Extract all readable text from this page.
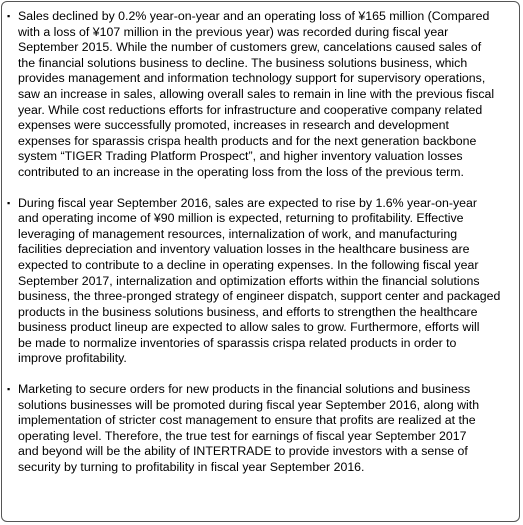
▪ Sales declined by 0.2% year-on-year and an operating loss of ¥165 million (Compared
with a loss of ¥107 million in the previous year) was recorded during fiscal year
September 2015. While the number of customers grew, cancelations caused sales of
the financial solutions business to decline. The business solutions business, which
provides management and information technology support for supervisory operations,
saw an increase in sales, allowing overall sales to remain in line with the previous fiscal
year. While cost reductions efforts for infrastructure and cooperative company related
expenses were successfully promoted, increases in research and development
expenses for sparassis crispa health products and for the next generation backbone
system “TIGER Trading Platform Prospect”, and higher inventory valuation losses
contributed to an increase in the operating loss from the loss of the previous term.
▪ During fiscal year September 2016, sales are expected to rise by 1.6% year-on-year
and operating income of ¥90 million is expected, returning to profitability. Effective
leveraging of management resources, internalization of work, and manufacturing
facilities depreciation and inventory valuation losses in the healthcare business are
expected to contribute to a decline in operating expenses. In the following fiscal year
September 2017, internalization and optimization efforts within the financial solutions
business, the three-pronged strategy of engineer dispatch, support center and packaged
products in the business solutions business, and efforts to strengthen the healthcare
business product lineup are expected to allow sales to grow. Furthermore, efforts will
be made to normalize inventories of sparassis crispa related products in order to
improve profitability.
▪ Marketing to secure orders for new products in the financial solutions and business
solutions businesses will be promoted during fiscal year September 2016, along with
implementation of stricter cost management to ensure that profits are realized at the
operating level. Therefore, the true test for earnings of fiscal year September 2017
and beyond will be the ability of INTERTRADE to provide investors with a sense of
security by turning to profitability in fiscal year September 2016.
